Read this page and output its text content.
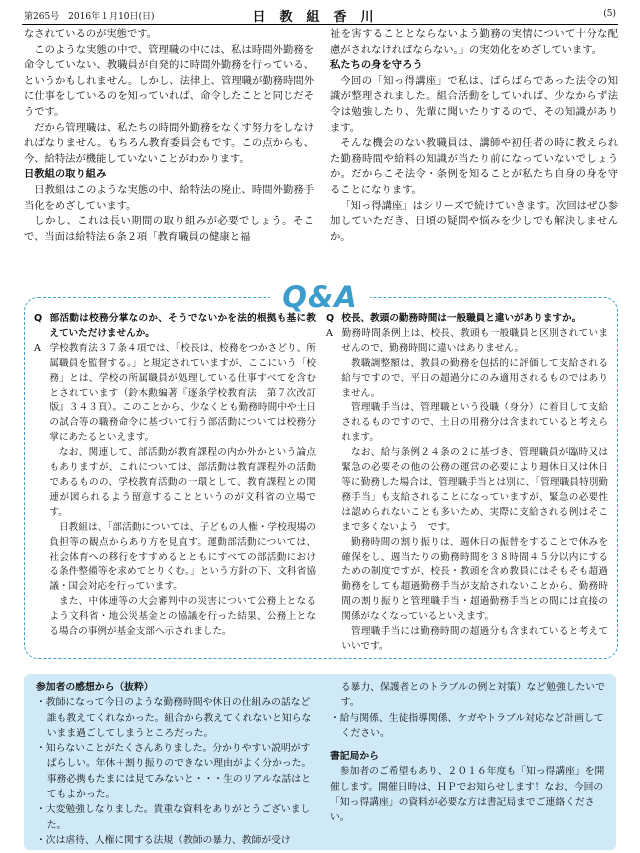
第265号　2016年１月10日(日)	日教組香川	(5)

なされているのが実態です。

このような実態の中で、管理職の中には、私は時間外勤務を命令していない、教職員が自発的に時間外勤務を行っている、というかもしれません。しかし、法律上、管理職が勤務時間外に仕事をしているのを知っていれば、命令したことと同じだそうです。

だから管理職は、私たちの時間外勤務をなくす努力をしなければなりません。もちろん教育委員会もです。この点からも、今、給特法が機能していないことがわかります。

日教組の取り組み

日教組はこのような実態の中、給特法の廃止、時間外勤務手当化をめざしています。

しかし、これは長い期間の取り組みが必要でしょう。そこで、当面は給特法６条２項「教育職員の健康と福

祉を害することとならないよう勤務の実情について十分な配慮がされなければならない。」の実効化をめざしています。

私たちの身を守ろう

今回の「知っ得講座」で私は、ばらばらであった法令の知識が整理されました。組合活動をしていれば、少なからず法令は勉強したり、先輩に聞いたりするので、その知識があります。

そんな機会のない教職員は、講師や初任者の時に教えられた勤務時間や給料の知識が当たり前になっていないでしょうか。だからこそ法令・条例を知ることが私たち自身の身を守ることになります。

「知っ得講座」はシリーズで続けていきます。次回はぜひ参加していただき、日頃の疑問や悩みを少しでも解決しませんか。

Q&A

Q 部活動は校務分掌なのか、そうでないかを法的根拠も基に教えていただけませんか。

A 学校教育法３７条４項では、「校長は、校務をつかさどり、所属職員を監督する。」と規定されていますが、ここにいう「校務」とは、学校の所属職員が処理している仕事すべてを含むとされています（鈴木勲編著『逐条学校教育法　第７次改訂版』３４３頁）。このことから、少なくとも勤務時間中や土日の試合等の職務命令に基づいて行う部活動については校務分掌にあたるといえます。

なお、関連して、部活動が教育課程の内か外かという論点もありますが、これについては、部活動は教育課程外の活動であるものの、学校教育活動の一環として、教育課程との関連が図られるよう留意することというのが文科省の立場です。

日教組は、「部活動については、子どもの人権・学校現場の負担等の観点からあり方を見直す。運動部活動については、社会体育への移行をすすめるとともにすべての部活動における条件整備等を求めてとりくむ。」という方針の下、文科省協議・国会対応を行っています。

また、中体連等の大会審判中の災害について公務上となるよう文科省・地公災基金との協議を行った結果、公務上となる場合の事例が基金支部へ示されました。

Q 校長、教頭の勤務時間は一般職員と違いがありますか。

A 勤務時間条例上は、校長、教頭も一般職員と区別されていませんので、勤務時間に違いはありません。

教職調整額は、教員の勤務を包括的に評価して支給される給与ですので、平日の超過分にのみ適用されるものではありません。

管理職手当は、管理職という役職（身分）に着目して支給されるものですので、土日の用務分は含まれていると考えられます。

なお、給与条例２４条の２に基づき、管理職員が臨時又は緊急の必要その他の公務の運営の必要により週休日又は休日等に勤務した場合は、管理職手当とは別に、「管理職員特別勤務手当」も支給されることになっていますが、緊急の必要性は認められないことも多いため、実際に支給される例はそこまで多くないよう　です。

勤務時間の割り振りは、週休日の振替をすることで休みを確保をし、週当たりの勤務時間を３８時間４５分以内にするための制度ですが、校長・教頭を含め教員にはそもそも超過勤務をしても超過勤務手当が支給されないことから、勤務時間の割り振りと管理職手当・超過勤務手当との間には直接の関係がなくなっているといえます。

管理職手当には勤務時間の超過分も含まれていると考えていいです。

参加者の感想から（抜粋）

・教師になって今日のような勤務時間や休日の仕組みの話など誰も教えてくれなかった。組合から教えてくれないと知らないまま過ごしてしまうところだった。

・知らないことがたくさんありました。分かりやすい説明がすばらしい。年休＋割り振りのできない理由がよく分かった。事務必携もたまには見てみないと・・・生のリアルな話はとてもよかった。

・大変勉強しなりました。貴重な資料をありがとうございました。

・次は虐待、人権に関する法規（教師の暴力、教師が受け

る暴力、保護者とのトラブルの例と対策）など勉強したいです。

・給与関係、生徒指導関係、ケガやトラブル対応など計画してください。

書記局から

参加者のご希望もあり、２０１６年度も「知っ得講座」を開催します。開催日時は、ＨＰでお知らせします！なお、今回の「知っ得講座」の資料が必要な方は書記局までご連絡ください。
